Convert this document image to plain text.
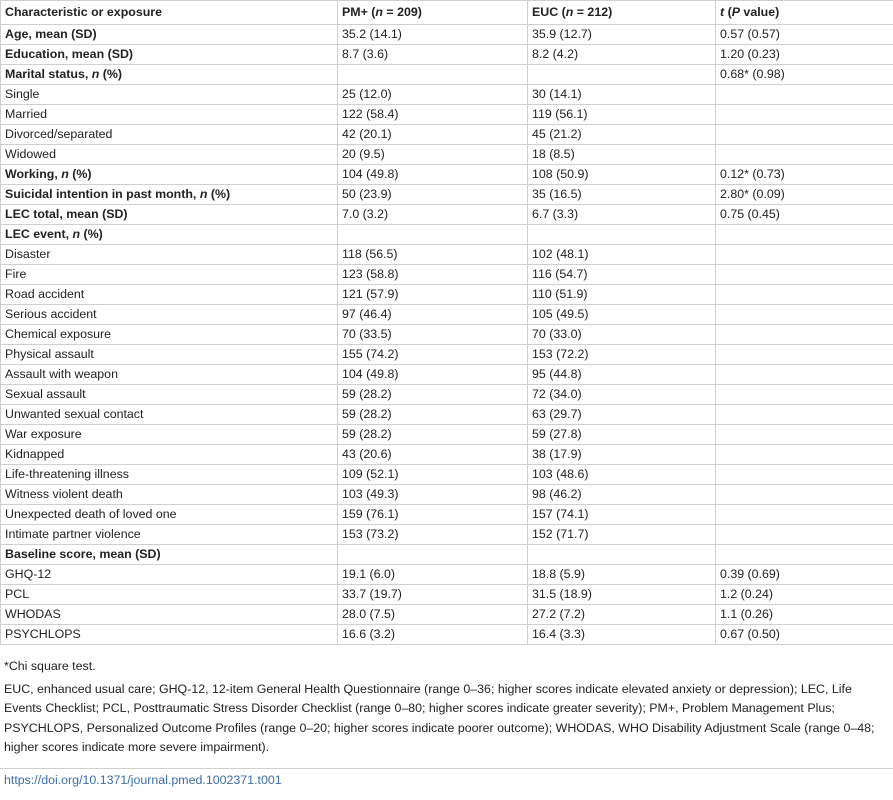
Characteristic or exposure	PM+ (n = 209)	EUC (n = 212)	t (P value)
Age, mean (SD)	35.2 (14.1)	35.9 (12.7)	0.57 (0.57)
Education, mean (SD)	8.7 (3.6)	8.2 (4.2)	1.20 (0.23)
Marital status, n (%)			0.68* (0.98)
Single	25 (12.0)	30 (14.1)	
Married	122 (58.4)	119 (56.1)	
Divorced/separated	42 (20.1)	45 (21.2)	
Widowed	20 (9.5)	18 (8.5)	
Working, n (%)	104 (49.8)	108 (50.9)	0.12* (0.73)
Suicidal intention in past month, n (%)	50 (23.9)	35 (16.5)	2.80* (0.09)
LEC total, mean (SD)	7.0 (3.2)	6.7 (3.3)	0.75 (0.45)
LEC event, n (%)			
Disaster	118 (56.5)	102 (48.1)	
Fire	123 (58.8)	116 (54.7)	
Road accident	121 (57.9)	110 (51.9)	
Serious accident	97 (46.4)	105 (49.5)	
Chemical exposure	70 (33.5)	70 (33.0)	
Physical assault	155 (74.2)	153 (72.2)	
Assault with weapon	104 (49.8)	95 (44.8)	
Sexual assault	59 (28.2)	72 (34.0)	
Unwanted sexual contact	59 (28.2)	63 (29.7)	
War exposure	59 (28.2)	59 (27.8)	
Kidnapped	43 (20.6)	38 (17.9)	
Life-threatening illness	109 (52.1)	103 (48.6)	
Witness violent death	103 (49.3)	98 (46.2)	
Unexpected death of loved one	159 (76.1)	157 (74.1)	
Intimate partner violence	153 (73.2)	152 (71.7)	
Baseline score, mean (SD)			
GHQ-12	19.1 (6.0)	18.8 (5.9)	0.39 (0.69)
PCL	33.7 (19.7)	31.5 (18.9)	1.2 (0.24)
WHODAS	28.0 (7.5)	27.2 (7.2)	1.1 (0.26)
PSYCHLOPS	16.6 (3.2)	16.4 (3.3)	0.67 (0.50)
*Chi square test.
EUC, enhanced usual care; GHQ-12, 12-item General Health Questionnaire (range 0–36; higher scores indicate elevated anxiety or depression); LEC, Life Events Checklist; PCL, Posttraumatic Stress Disorder Checklist (range 0–80; higher scores indicate greater severity); PM+, Problem Management Plus; PSYCHLOPS, Personalized Outcome Profiles (range 0–20; higher scores indicate poorer outcome); WHODAS, WHO Disability Adjustment Scale (range 0–48; higher scores indicate more severe impairment).
https://doi.org/10.1371/journal.pmed.1002371.t001
